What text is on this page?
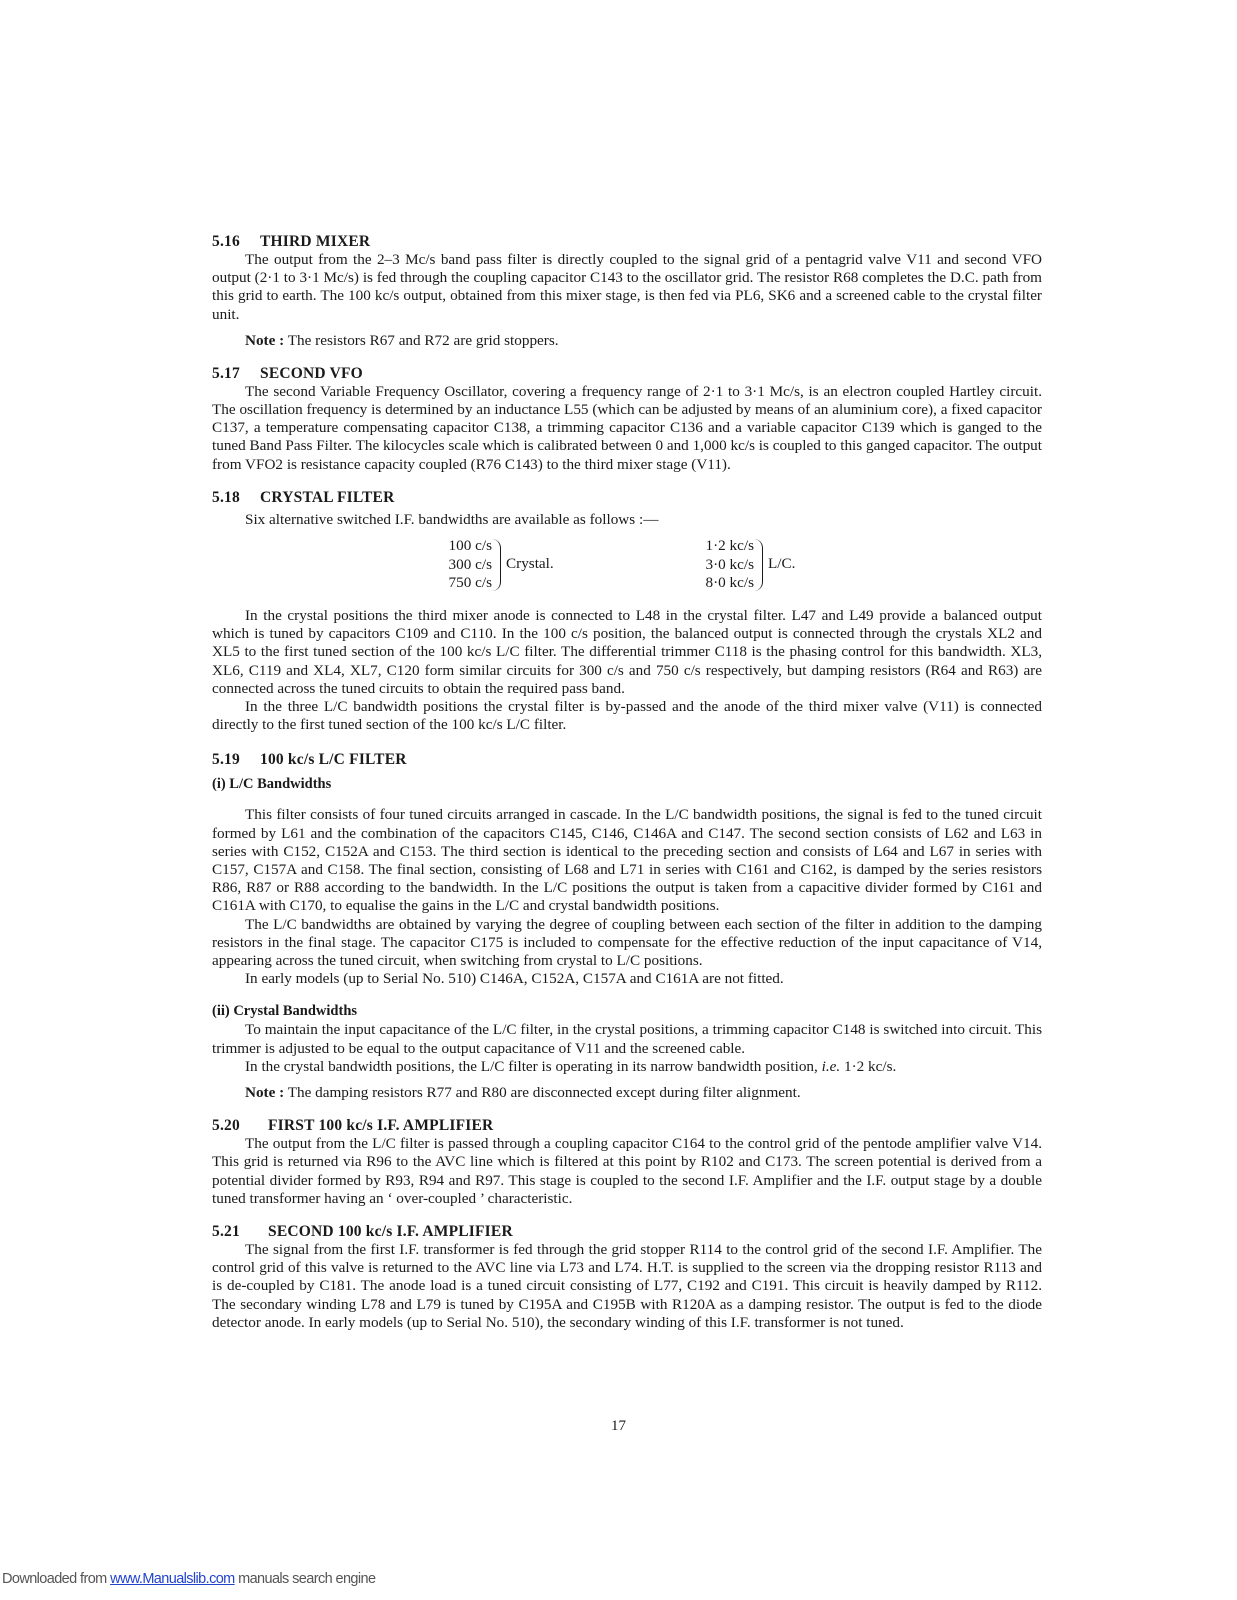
5.16 THIRD MIXER

The output from the 2–3 Mc/s band pass filter is directly coupled to the signal grid of a pentagrid valve V11 and second VFO output (2·1 to 3·1 Mc/s) is fed through the coupling capacitor C143 to the oscillator grid. The resistor R68 completes the D.C. path from this grid to earth. The 100 kc/s output, obtained from this mixer stage, is then fed via PL6, SK6 and a screened cable to the crystal filter unit.

Note : The resistors R67 and R72 are grid stoppers.
5.17 SECOND VFO

The second Variable Frequency Oscillator, covering a frequency range of 2·1 to 3·1 Mc/s, is an electron coupled Hartley circuit. The oscillation frequency is determined by an inductance L55 (which can be adjusted by means of an aluminium core), a fixed capacitor C137, a temperature compensating capacitor C138, a trimming capacitor C136 and a variable capacitor C139 which is ganged to the tuned Band Pass Filter. The kilocycles scale which is calibrated between 0 and 1,000 kc/s is coupled to this ganged capacitor. The output from VFO2 is resistance capacity coupled (R76 C143) to the third mixer stage (V11).

5.18 CRYSTAL FILTER

Six alternative switched I.F. bandwidths are available as follows :—

100 c/s
300 c/s
750 c/s
Crystal.
1·2 kc/s
3·0 kc/s
8·0 kc/s
L/C.

In the crystal positions the third mixer anode is connected to L48 in the crystal filter. L47 and L49 provide a balanced output which is tuned by capacitors C109 and C110. In the 100 c/s position, the balanced output is connected through the crystals XL2 and XL5 to the first tuned section of the 100 kc/s L/C filter. The differential trimmer C118 is the phasing control for this bandwidth. XL3, XL6, C119 and XL4, XL7, C120 form similar circuits for 300 c/s and 750 c/s respectively, but damping resistors (R64 and R63) are connected across the tuned circuits to obtain the required pass band.

In the three L/C bandwidth positions the crystal filter is by-passed and the anode of the third mixer valve (V11) is connected directly to the first tuned section of the 100 kc/s L/C filter.

5.19 100 kc/s L/C FILTER
(i) L/C Bandwidths

This filter consists of four tuned circuits arranged in cascade. In the L/C bandwidth positions, the signal is fed to the tuned circuit formed by L61 and the combination of the capacitors C145, C146, C146A and C147. The second section consists of L62 and L63 in series with C152, C152A and C153. The third section is identical to the preceding section and consists of L64 and L67 in series with C157, C157A and C158. The final section, consisting of L68 and L71 in series with C161 and C162, is damped by the series resistors R86, R87 or R88 according to the bandwidth. In the L/C positions the output is taken from a capacitive divider formed by C161 and C161A with C170, to equalise the gains in the L/C and crystal bandwidth positions.

The L/C bandwidths are obtained by varying the degree of coupling between each section of the filter in addition to the damping resistors in the final stage. The capacitor C175 is included to compensate for the effective reduction of the input capacitance of V14, appearing across the tuned circuit, when switching from crystal to L/C positions.

In early models (up to Serial No. 510) C146A, C152A, C157A and C161A are not fitted.

(ii) Crystal Bandwidths

To maintain the input capacitance of the L/C filter, in the crystal positions, a trimming capacitor C148 is switched into circuit. This trimmer is adjusted to be equal to the output capacitance of V11 and the screened cable.

In the crystal bandwidth positions, the L/C filter is operating in its narrow bandwidth position, i.e. 1·2 kc/s.

Note : The damping resistors R77 and R80 are disconnected except during filter alignment.
5.20 FIRST 100 kc/s I.F. AMPLIFIER

The output from the L/C filter is passed through a coupling capacitor C164 to the control grid of the pentode amplifier valve V14. This grid is returned via R96 to the AVC line which is filtered at this point by R102 and C173. The screen potential is derived from a potential divider formed by R93, R94 and R97. This stage is coupled to the second I.F. Amplifier and the I.F. output stage by a double tuned transformer having an ‘ over-coupled ’ characteristic.

5.21 SECOND 100 kc/s I.F. AMPLIFIER

The signal from the first I.F. transformer is fed through the grid stopper R114 to the control grid of the second I.F. Amplifier. The control grid of this valve is returned to the AVC line via L73 and L74. H.T. is supplied to the screen via the dropping resistor R113 and is de-coupled by C181. The anode load is a tuned circuit consisting of L77, C192 and C191. This circuit is heavily damped by R112. The secondary winding L78 and L79 is tuned by C195A and C195B with R120A as a damping resistor. The output is fed to the diode detector anode. In early models (up to Serial No. 510), the secondary winding of this I.F. transformer is not tuned.

17
Downloaded from www.Manualslib.com manuals search engine
